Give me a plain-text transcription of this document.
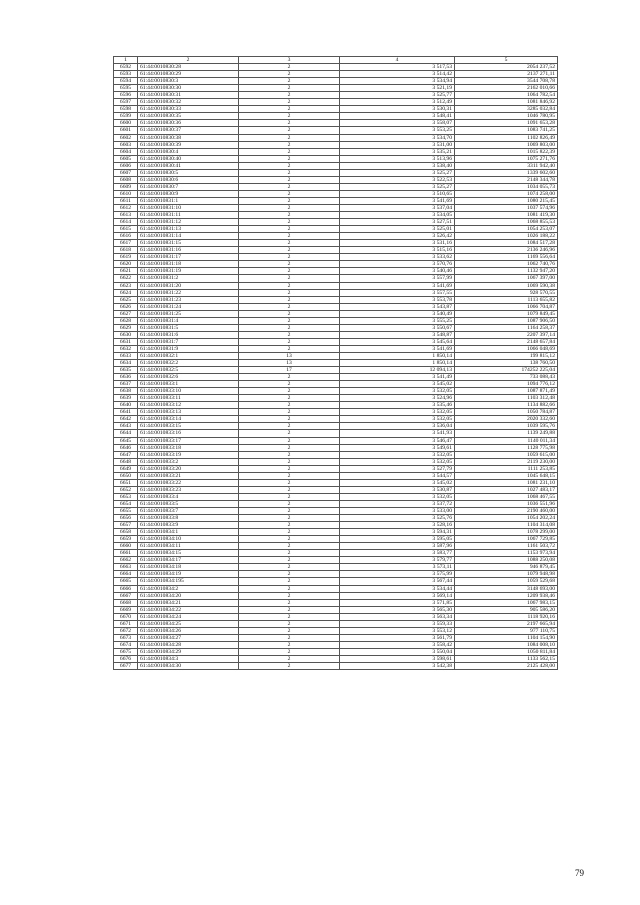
1	2	3	4	5
6592	61:44:0010830:28	2	3 517,53	2054 237,52
6593	61:44:0010830:29	2	3 514,42	2137 271,11
6594	61:44:0010830:3	2	3 534,94	3544 708,78
6595	61:44:0010830:30	2	3 521,19	2162 010,66
6596	61:44:0010830:31	2	3 525,77	1064 782,54
6597	61:44:0010830:32	2	3 512,49	1081 846,92
6598	61:44:0010830:33	2	3 530,31	3285 032,84
6599	61:44:0010830:35	2	3 548,41	1046 780,95
6600	61:44:0010830:36	2	3 558,07	1091 653,28
6601	61:44:0010830:37	2	3 553,25	1083 741,25
6602	61:44:0010830:38	2	3 534,70	1102 826,49
6603	61:44:0010830:39	2	3 531,00	1069 803,00
6604	61:44:0010830:4	2	3 535,21	1015 822,39
6605	61:44:0010830:40	2	3 513,96	1075 271,76
6606	61:44:0010830:41	2	3 538,40	3311 942,40
6607	61:44:0010830:5	2	3 525,27	1339 602,60
6608	61:44:0010830:6	2	3 522,53	2148 344,78
6609	61:44:0010830:7	2	3 525,27	1034 055,73
6610	61:44:0010830:9	2	3 510,65	1074 258,00
6611	61:44:0010831:1	2	3 541,69	1080 215,45
6612	61:44:0010831:10	2	3 537,04	1037 574,96
6613	61:44:0010831:11	2	3 534,05	1081 419,30
6614	61:44:0010831:12	2	3 527,51	1068 855,53
6615	61:44:0010831:13	2	3 525,01	1054 253,07
6616	61:44:0010831:14	2	3 526,42	1026 188,22
6617	61:44:0010831:15	2	3 531,16	1084 517,28
6618	61:44:0010831:16	2	3 515,16	2136 246,96
6619	61:44:0010831:17	2	3 533,62	1169 556,64
6620	61:44:0010831:18	2	3 570,76	1062 740,76
6621	61:44:0010831:19	2	3 540,46	1132 947,20
6622	61:44:0010831:2	2	3 557,99	1067 397,00
6623	61:44:0010831:20	2	3 541,69	1069 590,38
6624	61:44:0010831:22	2	3 557,55	928 570,55
6625	61:44:0010831:23	2	3 553,78	1113 655,82
6626	61:44:0010831:24	2	3 543,87	1066 704,87
6627	61:44:0010831:25	2	3 540,49	1079 849,45
6628	61:44:0010831:4	2	3 555,25	1087 906,50
6629	61:44:0010831:5	2	3 550,67	1164 258,37
6630	61:44:0010831:6	2	3 548,87	2207 397,14
6631	61:44:0010831:7	2	3 545,64	2148 657,84
6632	61:44:0010831:9	2	3 541,69	1066 048,69
6633	61:44:0010832:1	13	1 850,14	199 815,12
6634	61:44:0010832:2	13	1 850,14	138 760,50
6635	61:44:0010832:5	17	12 094,13	174252 225,04
6636	61:44:0010832:6	2	3 541,49	733 088,43
6637	61:44:0010833:1	2	3 545,02	1094 776,12
6638	61:44:0010833:10	2	3 532,05	1087 871,49
6639	61:44:0010833:11	2	3 524,96	1103 312,48
6640	61:44:0010833:12	2	3 535,46	1134 882,66
6641	61:44:0010833:13	2	3 532,05	1050 784,87
6642	61:44:0010833:14	2	3 532,05	2020 332,60
6643	61:44:0010833:15	2	3 536,04	1039 595,76
6644	61:44:0010833:16	2	3 541,93	1139 249,88
6645	61:44:0010833:17	2	3 546,47	1140 011,34
6646	61:44:0010833:18	2	3 549,61	1128 775,98
6647	61:44:0010833:19	2	3 532,05	1059 615,00
6648	61:44:0010833:2	2	3 532,05	2119 230,00
6649	61:44:0010833:20	2	3 527,79	1111 253,85
6650	61:44:0010833:21	2	3 544,57	1045 648,15
6651	61:44:0010833:22	2	3 545,02	1081 231,10
6652	61:44:0010833:23	2	3 530,87	1027 483,17
6653	61:44:0010833:4	2	3 532,05	1068 467,55
6654	61:44:0010833:5	2	3 537,72	1036 551,96
6655	61:44:0010833:7	2	3 533,00	2190 460,00
6656	61:44:0010833:8	2	3 525,76	1054 202,24
6657	61:44:0010833:9	2	3 528,16	1104 314,08
6658	61:44:0010834:1	2	3 594,31	1078 299,00
6659	61:44:0010834:10	2	3 595,05	1067 729,85
6660	61:44:0010834:11	2	3 587,96	1161 503,72
6661	61:44:0010834:15	2	3 583,77	1153 973,94
6662	61:44:0010834:17	2	3 579,77	1088 250,08
6663	61:44:0010834:18	2	3 573,11	946 879,45
6664	61:44:0010834:19	2	3 575,99	1079 948,98
6665	61:44:0010834:195	2	3 567,44	1059 529,68
6666	61:44:0010834:2	2	3 534,44	3148 693,00
6667	61:44:0010834:20	2	3 569,14	1209 938,46
6668	61:44:0010834:21	2	3 571,85	1067 983,15
6669	61:44:0010834:22	2	3 565,30	905 586,20
6670	61:44:0010834:24	2	3 563,34	1118 920,16
6671	61:44:0010834:25	2	3 559,33	2197 665,94
6672	61:44:0010834:26	2	3 553,12	977 110,75
6673	61:44:0010834:27	2	3 561,79	1104 154,90
6674	61:44:0010834:28	2	3 558,42	1084 008,10
6675	61:44:0010834:29	2	3 550,04	1050 811,84
6676	61:44:0010834:3	2	3 598,61	1133 562,15
6677	61:44:0010834:30	2	3 542,38	2125 428,00
79
